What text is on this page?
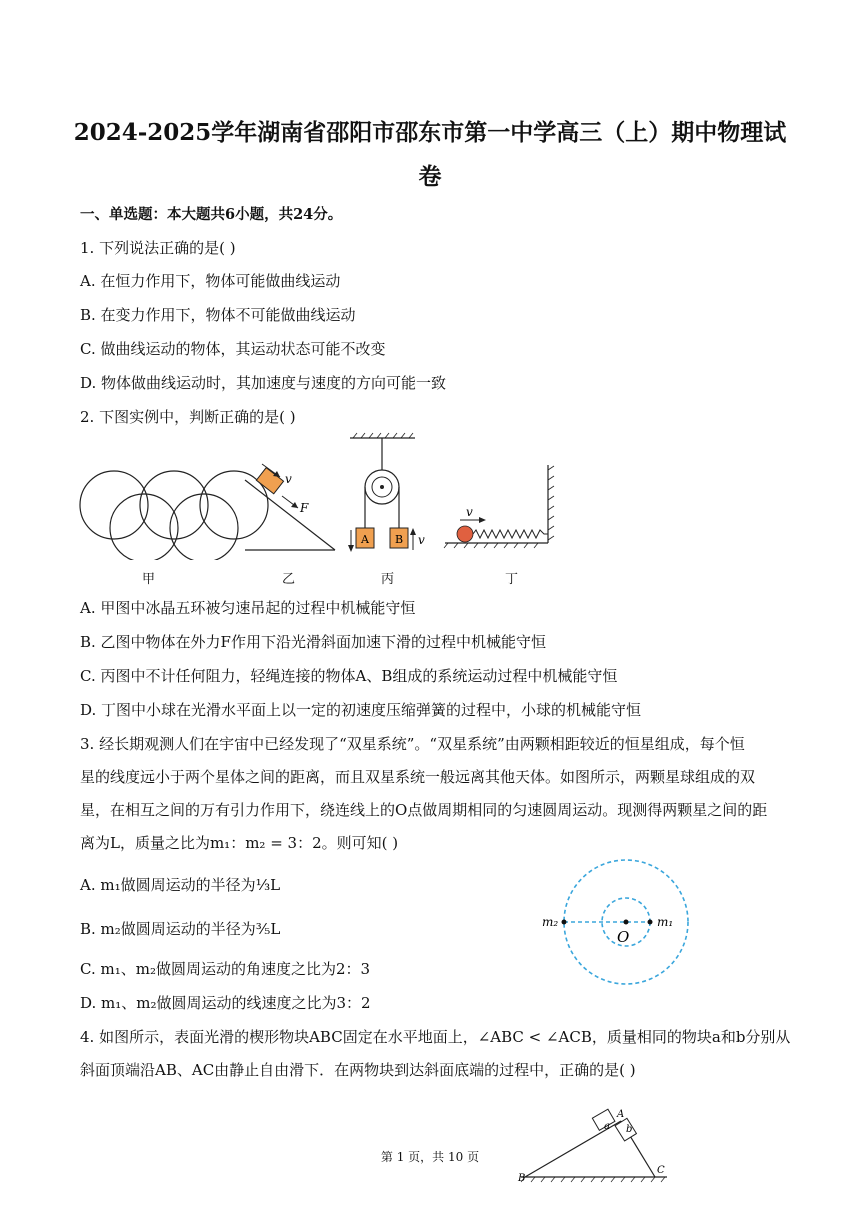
2024-2025学年湖南省邵阳市邵东市第一中学高三（上）期中物理试
卷
一、单选题：本大题共6小题，共24分。
1. 下列说法正确的是( )
A. 在恒力作用下，物体可能做曲线运动
B. 在变力作用下，物体不可能做曲线运动
C. 做曲线运动的物体，其运动状态可能不改变
D. 物体做曲线运动时，其加速度与速度的方向可能一致
2. 下图实例中，判断正确的是( )
v
F
A B v
v
甲	乙	丙	丁
A. 甲图中冰晶五环被匀速吊起的过程中机械能守恒
B. 乙图中物体在外力F作用下沿光滑斜面加速下滑的过程中机械能守恒
C. 丙图中不计任何阻力，轻绳连接的物体A、B组成的系统运动过程中机械能守恒
D. 丁图中小球在光滑水平面上以一定的初速度压缩弹簧的过程中，小球的机械能守恒
3. 经长期观测人们在宇宙中已经发现了“双星系统”。“双星系统”由两颗相距较近的恒星组成，每个恒
星的线度远小于两个星体之间的距离，而且双星系统一般远离其他天体。如图所示，两颗星球组成的双
星，在相互之间的万有引力作用下，绕连线上的O点做周期相同的匀速圆周运动。现测得两颗星之间的距
离为L，质量之比为m₁：m₂ = 3：2。则可知( )
A. m₁做圆周运动的半径为⅓L
B. m₂做圆周运动的半径为⅗L
C. m₁、m₂做圆周运动的角速度之比为2：3
D. m₁、m₂做圆周运动的线速度之比为3：2
m₂
O
m₁
4. 如图所示，表面光滑的楔形物块ABC固定在水平地面上，∠ABC < ∠ACB，质量相同的物块a和b分别从
斜面顶端沿AB、AC由静止自由滑下．在两物块到达斜面底端的过程中，正确的是( )
A
B
C
a b
第 1 页，共 10 页
